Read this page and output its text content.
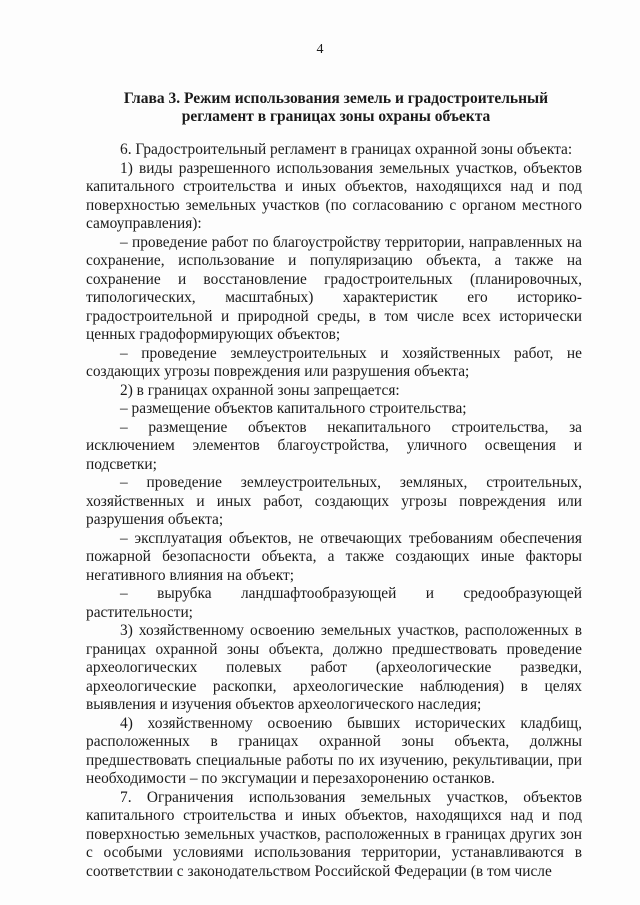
4
Глава 3. Режим использования земель и градостроительный регламент в границах зоны охраны объекта

6. Градостроительный регламент в границах охранной зоны объекта:

1) виды разрешенного использования земельных участков, объектов капитального строительства и иных объектов, находящихся над и под поверхностью земельных участков (по согласованию с органом местного самоуправления):

– проведение работ по благоустройству территории, направленных на сохранение, использование и популяризацию объекта, а также на сохранение и восстановление градостроительных (планировочных, типологических, масштабных) характеристик его историко-градостроительной и природной среды, в том числе всех исторически ценных градоформирующих объектов;

– проведение землеустроительных и хозяйственных работ, не создающих угрозы повреждения или разрушения объекта;

2) в границах охранной зоны запрещается:

– размещение объектов капитального строительства;

– размещение объектов некапитального строительства, за исключением элементов благоустройства, уличного освещения и подсветки;

– проведение землеустроительных, земляных, строительных, хозяйственных и иных работ, создающих угрозы повреждения или разрушения объекта;

– эксплуатация объектов, не отвечающих требованиям обеспечения пожарной безопасности объекта, а также создающих иные факторы негативного влияния на объект;

– вырубка ландшафтообразующей и средообразующей растительности;

3) хозяйственному освоению земельных участков, расположенных в границах охранной зоны объекта, должно предшествовать проведение археологических полевых работ (археологические разведки, археологические раскопки, археологические наблюдения) в целях выявления и изучения объектов археологического наследия;

4) хозяйственному освоению бывших исторических кладбищ, расположенных в границах охранной зоны объекта, должны предшествовать специальные работы по их изучению, рекультивации, при необходимости – по эксгумации и перезахоронению останков.

7. Ограничения использования земельных участков, объектов капитального строительства и иных объектов, находящихся над и под поверхностью земельных участков, расположенных в границах других зон с особыми условиями использования территории, устанавливаются в соответствии с законодательством Российской Федерации (в том числе
